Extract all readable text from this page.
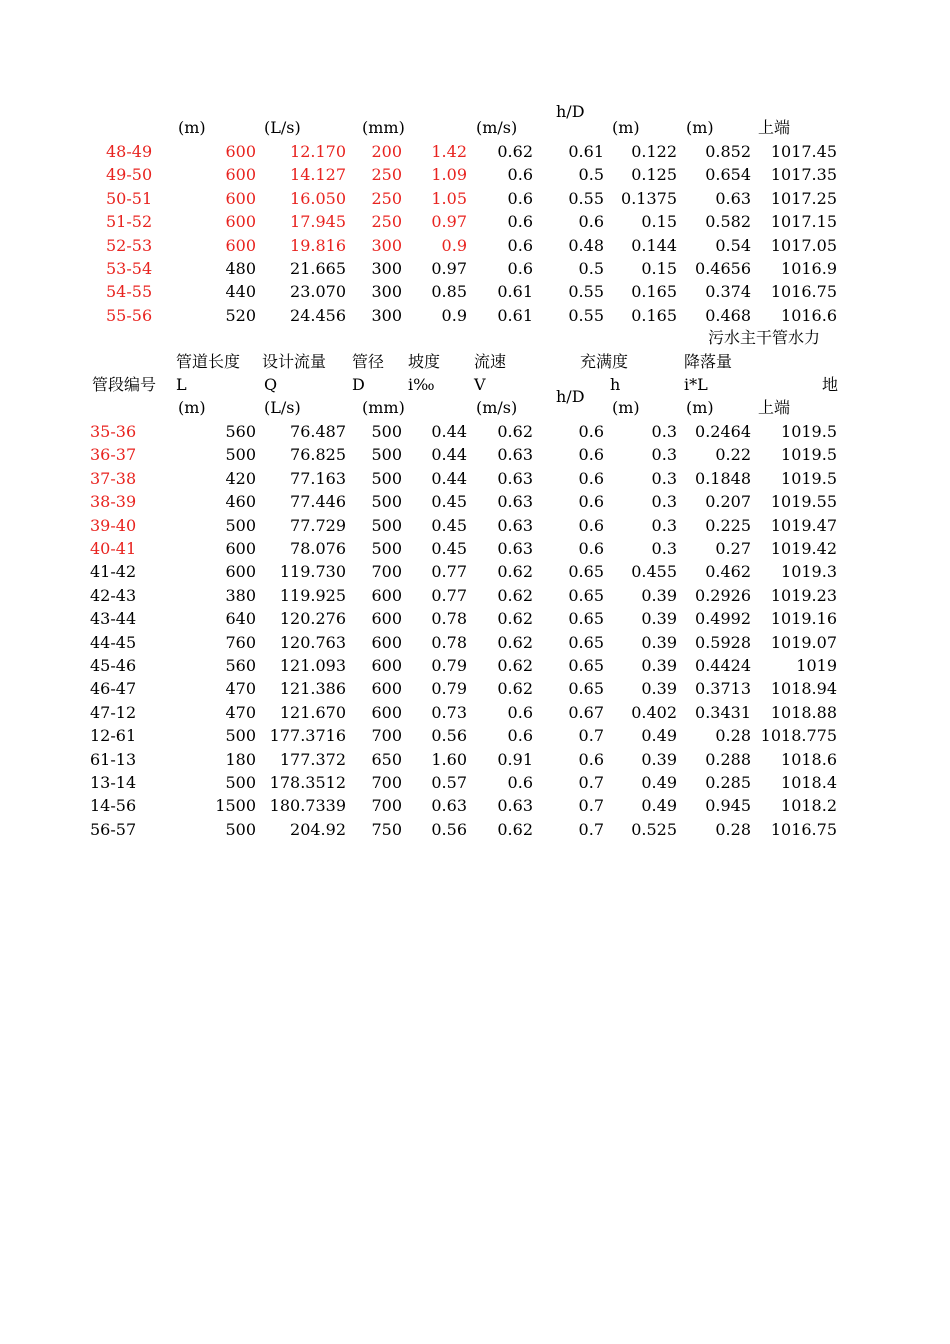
h/D
(m)	(L/s)	(mm)	(m/s)	(m)	(m)	上端
污水主干管水力
管道长度 设计流量 管径 坡度 流速	充满度	降落量
管段编号 L	Q	D	i‰ V	h	i*L	地
h/D
(m)	(L/s)	(mm)	(m/s)	(m)	(m)	上端
48-49	600 12.170 200 1.42 0.62 0.61 0.122 0.852 1017.45
49-50	600 14.127 250 1.09	0.6	0.5 0.125 0.654 1017.35
50-51	600 16.050 250 1.05	0.6 0.55 0.1375 0.63 1017.25
51-52	600 17.945 250 0.97	0.6	0.6 0.15 0.582 1017.15
52-53	600 19.816 300 0.9	0.6 0.48 0.144 0.54 1017.05
53-54	480 21.665 300 0.97	0.6	0.5 0.15 0.4656 1016.9
54-55	440 23.070 300 0.85 0.61 0.55 0.165 0.374 1016.75
55-56	520 24.456 300 0.9 0.61 0.55 0.165 0.468 1016.6
35-36	560 76.487 500 0.44 0.62	0.6	0.3 0.2464 1019.5
36-37	500 76.825 500 0.44 0.63	0.6	0.3 0.22 1019.5
37-38	420 77.163 500 0.44 0.63	0.6	0.3 0.1848 1019.5
38-39	460 77.446 500 0.45 0.63	0.6	0.3 0.207 1019.55
39-40	500 77.729 500 0.45 0.63	0.6	0.3 0.225 1019.47
40-41	600 78.076 500 0.45 0.63	0.6	0.3 0.27 1019.42
41-42	600 119.730 700 0.77 0.62 0.65 0.455 0.462 1019.3
42-43	380 119.925 600 0.77 0.62 0.65 0.39 0.2926 1019.23
43-44	640 120.276 600 0.78 0.62 0.65 0.39 0.4992 1019.16
44-45	760 120.763 600 0.78 0.62 0.65 0.39 0.5928 1019.07
45-46	560 121.093 600 0.79 0.62 0.65 0.39 0.4424	1019
46-47	470 121.386 600 0.79 0.62 0.65 0.39 0.3713 1018.94
47-12	470 121.670 600 0.73	0.6 0.67 0.402 0.3431 1018.88
12-61	500 177.3716 700 0.56	0.6	0.7 0.49 0.28 1018.775
61-13	180 177.372 650 1.60 0.91	0.6 0.39 0.288 1018.6
13-14	500 178.3512 700 0.57	0.6	0.7 0.49 0.285 1018.4
14-56	1500 180.7339 700 0.63 0.63	0.7 0.49 0.945 1018.2
56-57	500 204.92 750 0.56 0.62	0.7 0.525 0.28 1016.75
